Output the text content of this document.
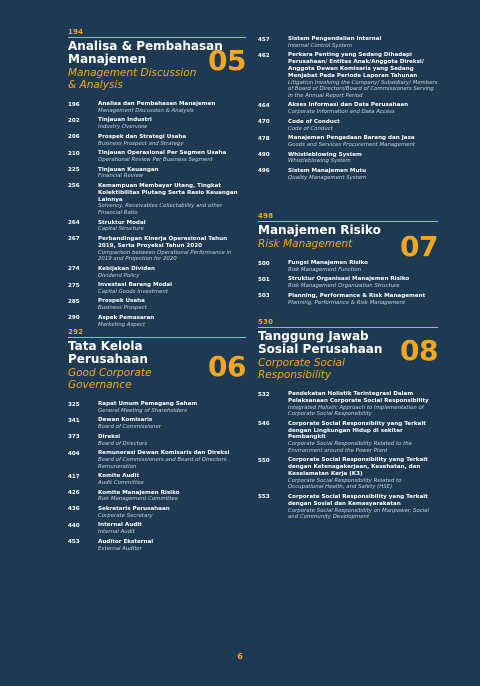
194
Analisa & Pembahasan
Manajemen
Management Discussion
& Analysis
05
196	Analisa dan Pembahasan Manajemen
Management Discussion & Analysis
202	Tinjauan Industri
Industry Overview
206	Prospek dan Strategi Usaha
Business Prospect and Strategy
210	Tinjauan Operasional Per Segmen Usaha
Operational Review Per Business Segment
225	Tinjauan Keuangan
Financial Review
256	Kemampuan Membayar Utang, Tingkat Kolektibilitas Piutang Serta Rasio Keuangan Lainnya
Solvency, Receivables Collectability and other Financial Ratio
264	Struktur Modal
Capital Structure
267	Perbandingan Kinerja Operasional Tahun 2019, Serta Proyeksi Tahun 2020
Comparison between Operational Performance in 2019 and Projection for 2020
274	Kebijakan Dividen
Dividend Policy
275	Investasi Barang Modal
Capital Goods Investment
285	Prospek Usaha
Business Prospect
290	Aspek Pemasaran
Marketing Aspect
292
Tata Kelola
Perusahaan
Good Corporate
Governance
06
325	Rapat Umum Pemegang Saham
General Meeting of Shareholders
341	Dewan Komisaris
Board of Commissioner
373	Direksi
Board of Directors
404	Remunerasi Dewan Komisaris dan Direksi
Board of Commissioners and Board of Directors Remuneration
417	Komite Audit
Audit Committee
426	Komite Manajemen Risiko
Risk Management Committee
436	Sekretaris Perusahaan
Corporate Secretary
440	Internal Audit
Internal Audit
453	Auditor Eksternal
External Auditor
457	Sistem Pengendalian Internal
Internal Control System
462	Perkara Penting yang Sedang Dihadapi Perusahaan/ Entitas Anak/Anggota Direksi/ Anggota Dewan Komisaris yang Sedang Menjabat Pada Periode Laporan Tahunan
Litigation Involving the Company/ Subsidiary/ Members of Board of Directors/Board of Commissioners Serving in the Annual Report Period
464	Akses Informasi dan Data Perusahaan
Corporate Information and Data Access
470	Code of Conduct
Code of Conduct
478	Manajemen Pengadaan Barang dan Jasa
Goods and Services Procurement Management
490	Whistleblowing System
Whistleblowing System
496	Sistem Manajemen Mutu
Quality Management System
498
Manajemen Risiko
Risk Management	07
500	Fungsi Manajemen Risiko
Risk Management Function
501	Struktur Organisasi Manajemen Risiko
Risk Management Organization Structure
503	Planning, Performance & Risk Management
Planning, Performance & Risk Management
530
Tanggung Jawab
Sosial Perusahaan
Corporate Social
Responsibility
08
532	Pendekatan Holistik Terintegrasi Dalam Pelaksanaan Corporate Social Responsibility
Integrated Holistic Approach to Implementation of Corporate Social Responsibility
546	Corporate Social Responsibiity yang Terkait dengan Lingkungan Hidup di sekitar Pembangkit
Corporate Social Responsibility Related to the Environment around the Power Plant
550	Corporate Social Responsibility yang Terkait dengan Ketenagakerjaan, Kesehatan, dan Keselamatan Kerja (K3)
Corporate Social Responsibility Related to Occupational Health, and Safety (HSE)
553	Corporate Social Responsibility yang Terkait dengan Sosial dan Kemasyarakatan
Corporate Social Responsibility on Manpower, Social and Community Development
6
